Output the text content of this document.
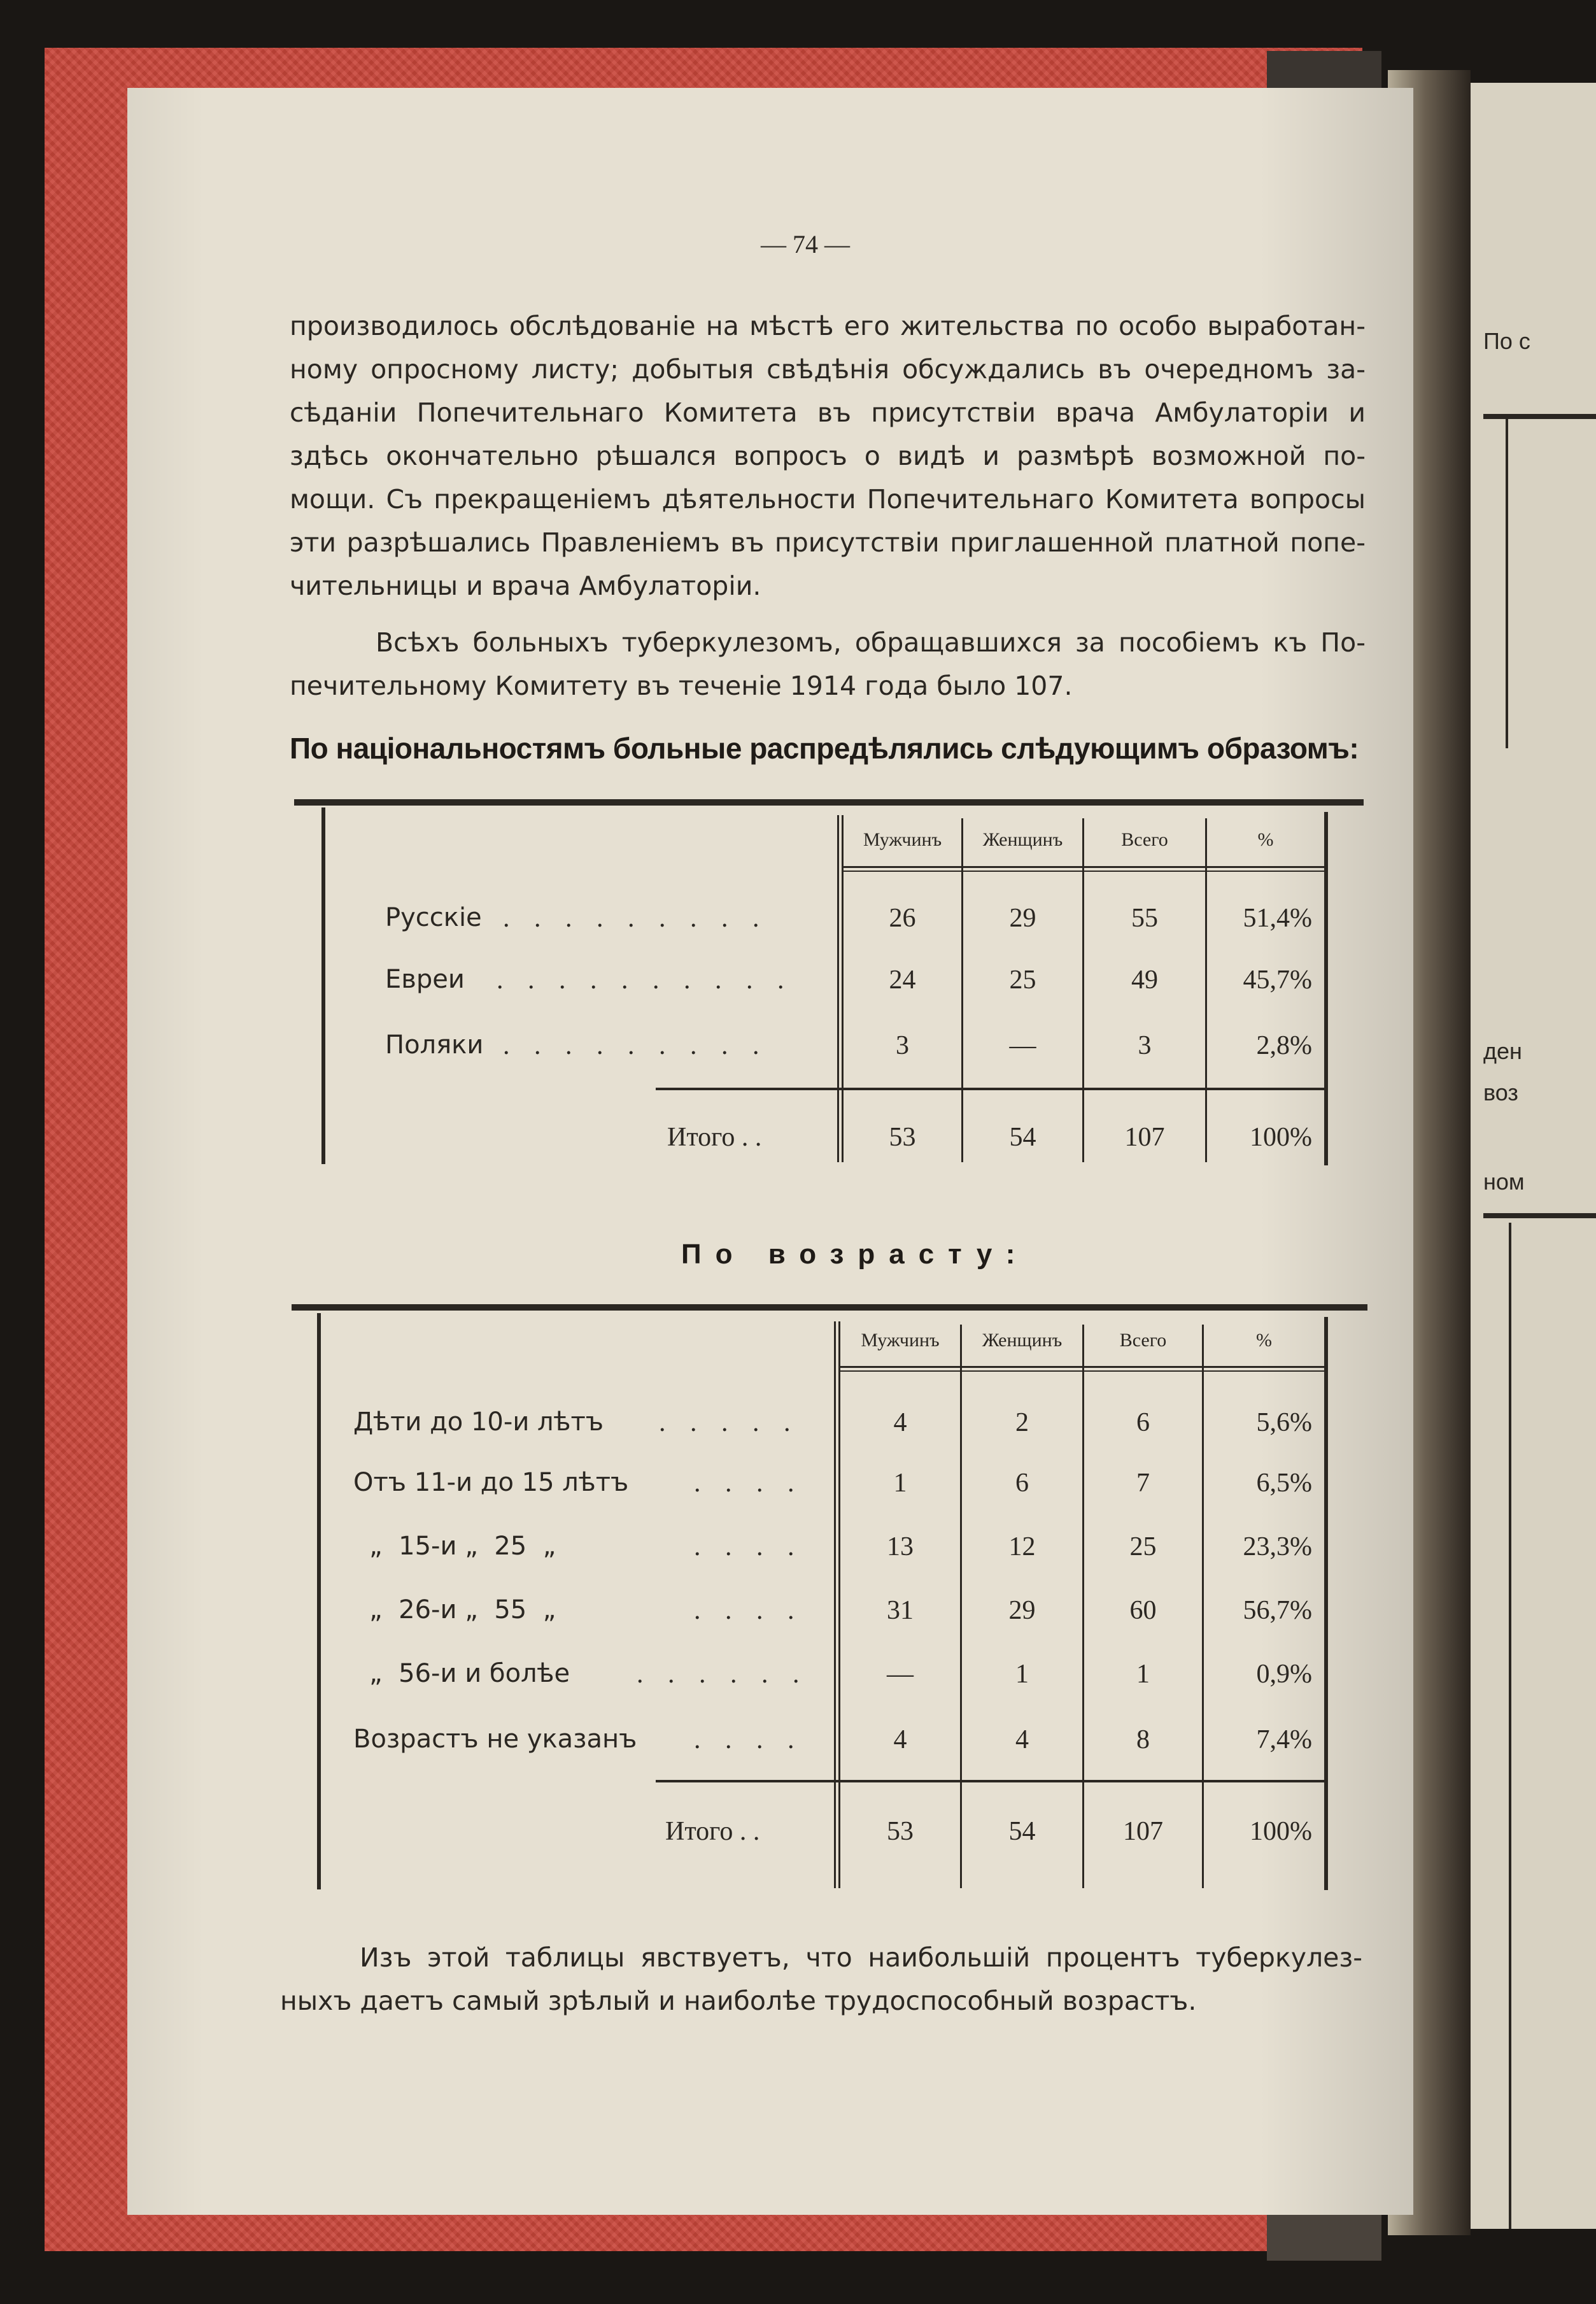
По с
ден
воз
ном
— 74 —
производилось обслѣдованіе на мѣстѣ его жительства по особо выработан-
ному опросному листу; добытыя свѣдѣнія обсуждались въ очередномъ за-
сѣданіи Попечительнаго Комитета въ присутствіи врача Амбулаторіи и
здѣсь окончательно рѣшался вопросъ о видѣ и размѣрѣ возможной по-
мощи. Съ прекращеніемъ дѣятельности Попечительнаго Комитета вопросы
эти разрѣшались Правленіемъ въ присутствіи приглашенной платной попе-
чительницы и врача Амбулаторіи.
Всѣхъ больныхъ туберкулезомъ, обращавшихся за пособіемъ къ По-
печительному Комитету въ теченіе 1914 года было 107.
По національностямъ больные распредѣлялись слѣдующимъ образомъ:
Мужчинъ	Женщинъ	Всего	%
Русскіе . . . . . . . . .	26	29	55	51,4%
Евреи . . . . . . . . . .	24	25	49	45,7%
Поляки . . . . . . . . .	3	—	3	2,8%
Итого . .	53	54	107	100%
По возрасту:
Мужчинъ	Женщинъ	Всего	%
Дѣти до 10-и лѣтъ . . . . .	4	2	6	5,6%
Отъ 11-и до 15 лѣтъ . . . .	1	6	7	6,5%
„  15-и „  25  „	. . . .	13	12	25	23,3%
„  26-и „  55  „	. . . .	31	29	60	56,7%
„  56-и и болѣе . . . . . .	—	1	1	0,9%
Возрастъ не указанъ . . . .	4	4	8	7,4%
Итого . .	53	54	107	100%
Изъ этой таблицы явствуетъ, что наибольшій процентъ туберкулез-
ныхъ даетъ самый зрѣлый и наиболѣе трудоспособный возрастъ.
